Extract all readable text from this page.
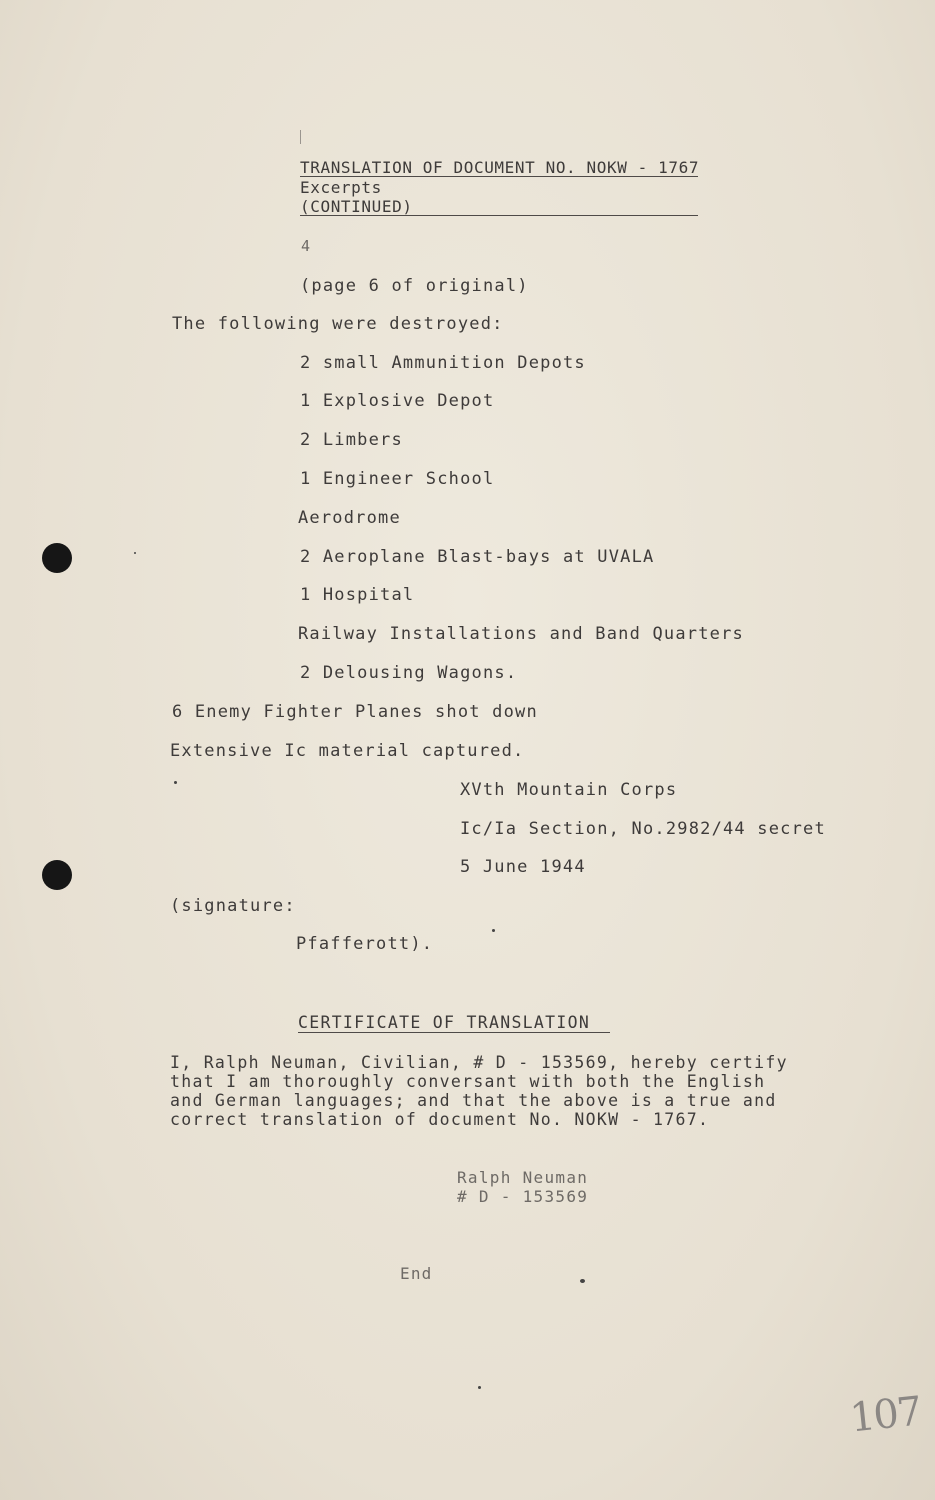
TRANSLATION OF DOCUMENT NO. NOKW - 1767
Excerpts
(CONTINUED)
4
(page 6 of original)
The following were destroyed:
2 small Ammunition Depots
1 Explosive Depot
2 Limbers
1 Engineer School
Aerodrome
2 Aeroplane Blast-bays at UVALA
1 Hospital
Railway Installations and Band Quarters
2 Delousing Wagons.
6 Enemy Fighter Planes shot down
Extensive Ic material captured.
XVth Mountain Corps
Ic/Ia Section, No.2982/44 secret
5 June 1944
(signature:
Pfafferott).
CERTIFICATE OF TRANSLATION
I, Ralph Neuman, Civilian, # D - 153569, hereby certify
that I am thoroughly conversant with both the English
and German languages; and that the above is a true and
correct translation of document No. NOKW - 1767.
Ralph Neuman
# D - 153569
End
107
